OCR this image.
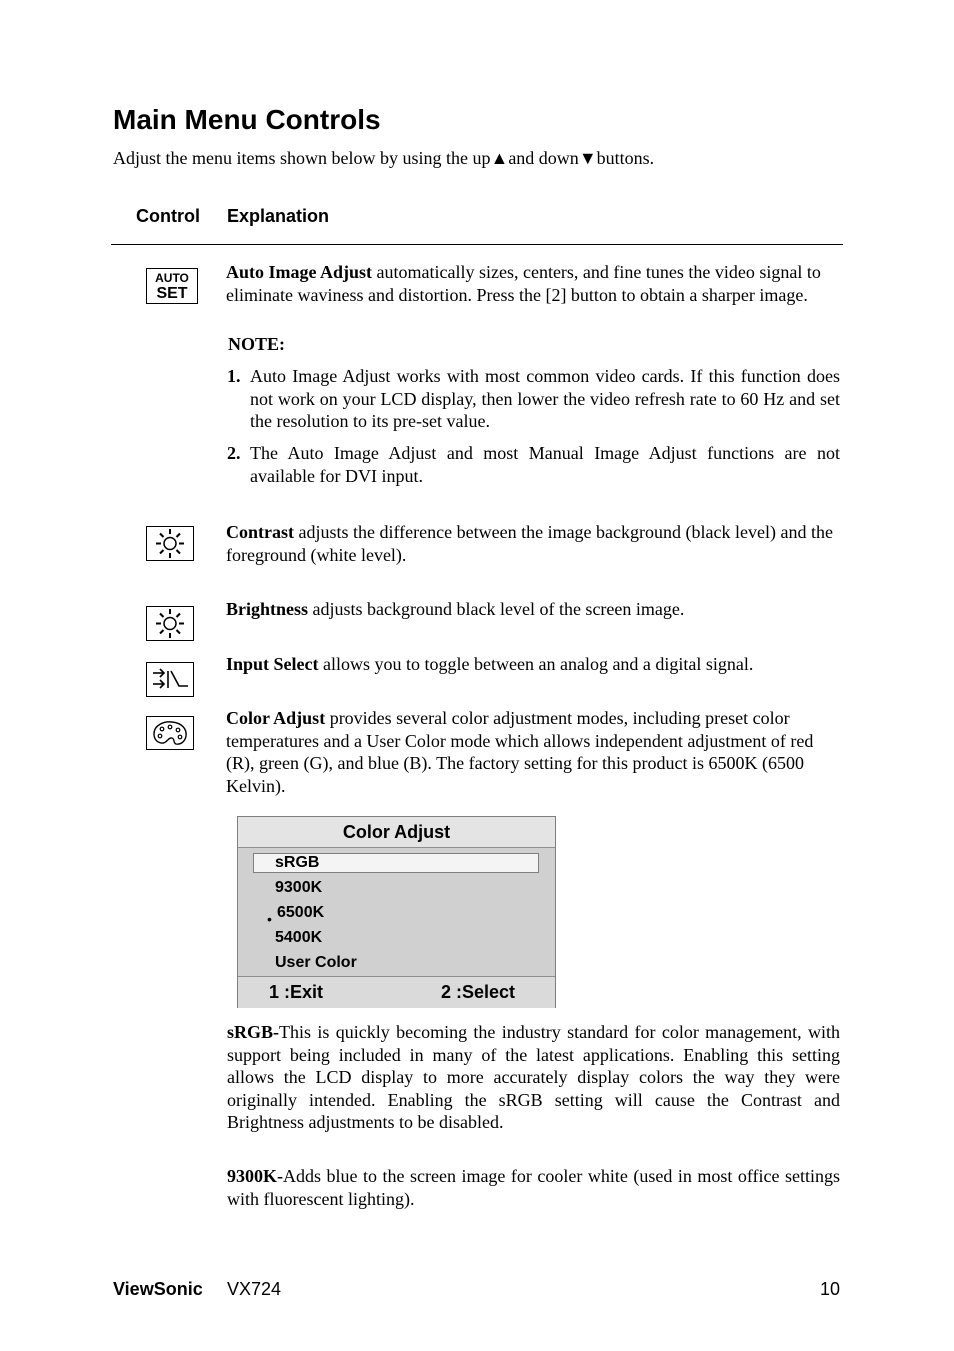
Main Menu Controls
Adjust the menu items shown below by using the up▲and down▼buttons.
Control Explanation
AUTO
SET
Auto Image Adjust automatically sizes, centers, and fine tunes the video signal to eliminate waviness and distortion. Press the [2] button to obtain a sharper image.
NOTE:
1. Auto Image Adjust works with most common video cards. If this function does not work on your LCD display, then lower the video refresh rate to 60 Hz and set the resolution to its pre-set value.
2. The Auto Image Adjust and most Manual Image Adjust functions are not available for DVI input.
Contrast adjusts the difference between the image background (black level) and the foreground (white level).
Brightness adjusts background black level of the screen image.
Input Select allows you to toggle between an analog and a digital signal.
Color Adjust provides several color adjustment modes, including preset color temperatures and a User Color mode which allows independent adjustment of red (R), green (G), and blue (B). The factory setting for this product is 6500K (6500 Kelvin).
Color Adjust
sRGB
9300K
• 6500K
5400K
User Color
1 :Exit	2 :Select
sRGB-This is quickly becoming the industry standard for color management, with support being included in many of the latest applications. Enabling this setting allows the LCD display to more accurately display colors the way they were originally intended. Enabling the sRGB setting will cause the Contrast and Brightness adjustments to be disabled.
9300K-Adds blue to the screen image for cooler white (used in most office settings with fluorescent lighting).
ViewSonic VX724	10
